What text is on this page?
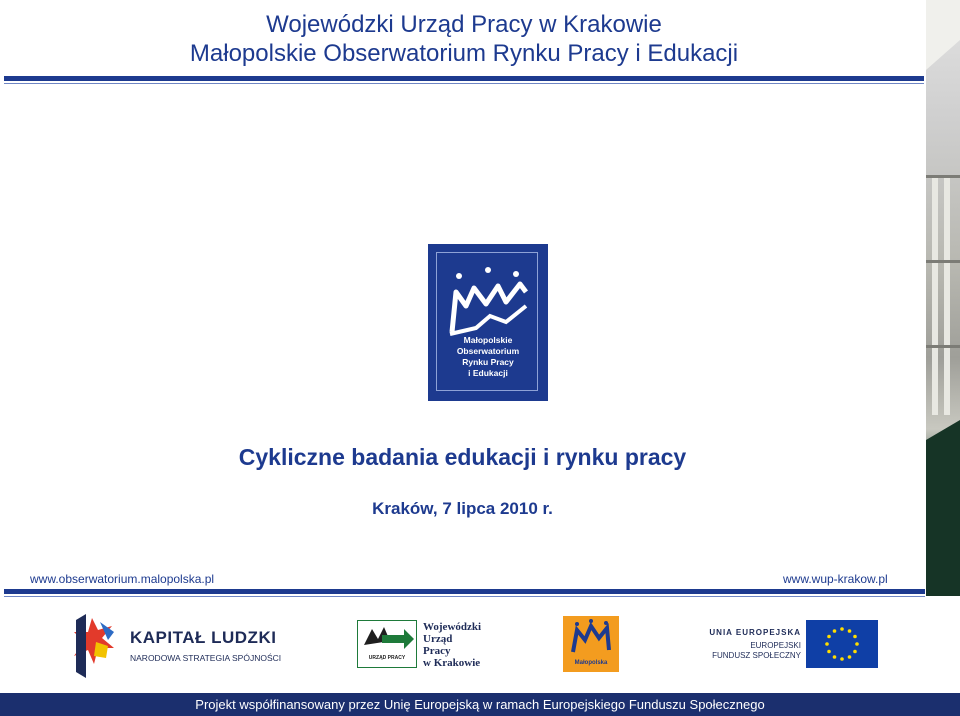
Wojewódzki Urząd Pracy w Krakowie
Małopolskie Obserwatorium Rynku Pracy i Edukacji
Małopolskie
Obserwatorium
Rynku Pracy
i Edukacji
Cykliczne badania edukacji i rynku pracy
Kraków, 7 lipca 2010 r.
www.obserwatorium.malopolska.pl	www.wup-krakow.pl
KAPITAŁ LUDZKI
NARODOWA STRATEGIA SPÓJNOŚCI	URZĄD PRACY
Wojewódzki
Urząd
Pracy
w Krakowie	Małopolska
UNIA EUROPEJSKA
EUROPEJSKI
FUNDUSZ SPOŁECZNY
Projekt współfinansowany przez Unię Europejską w ramach Europejskiego Funduszu Społecznego
